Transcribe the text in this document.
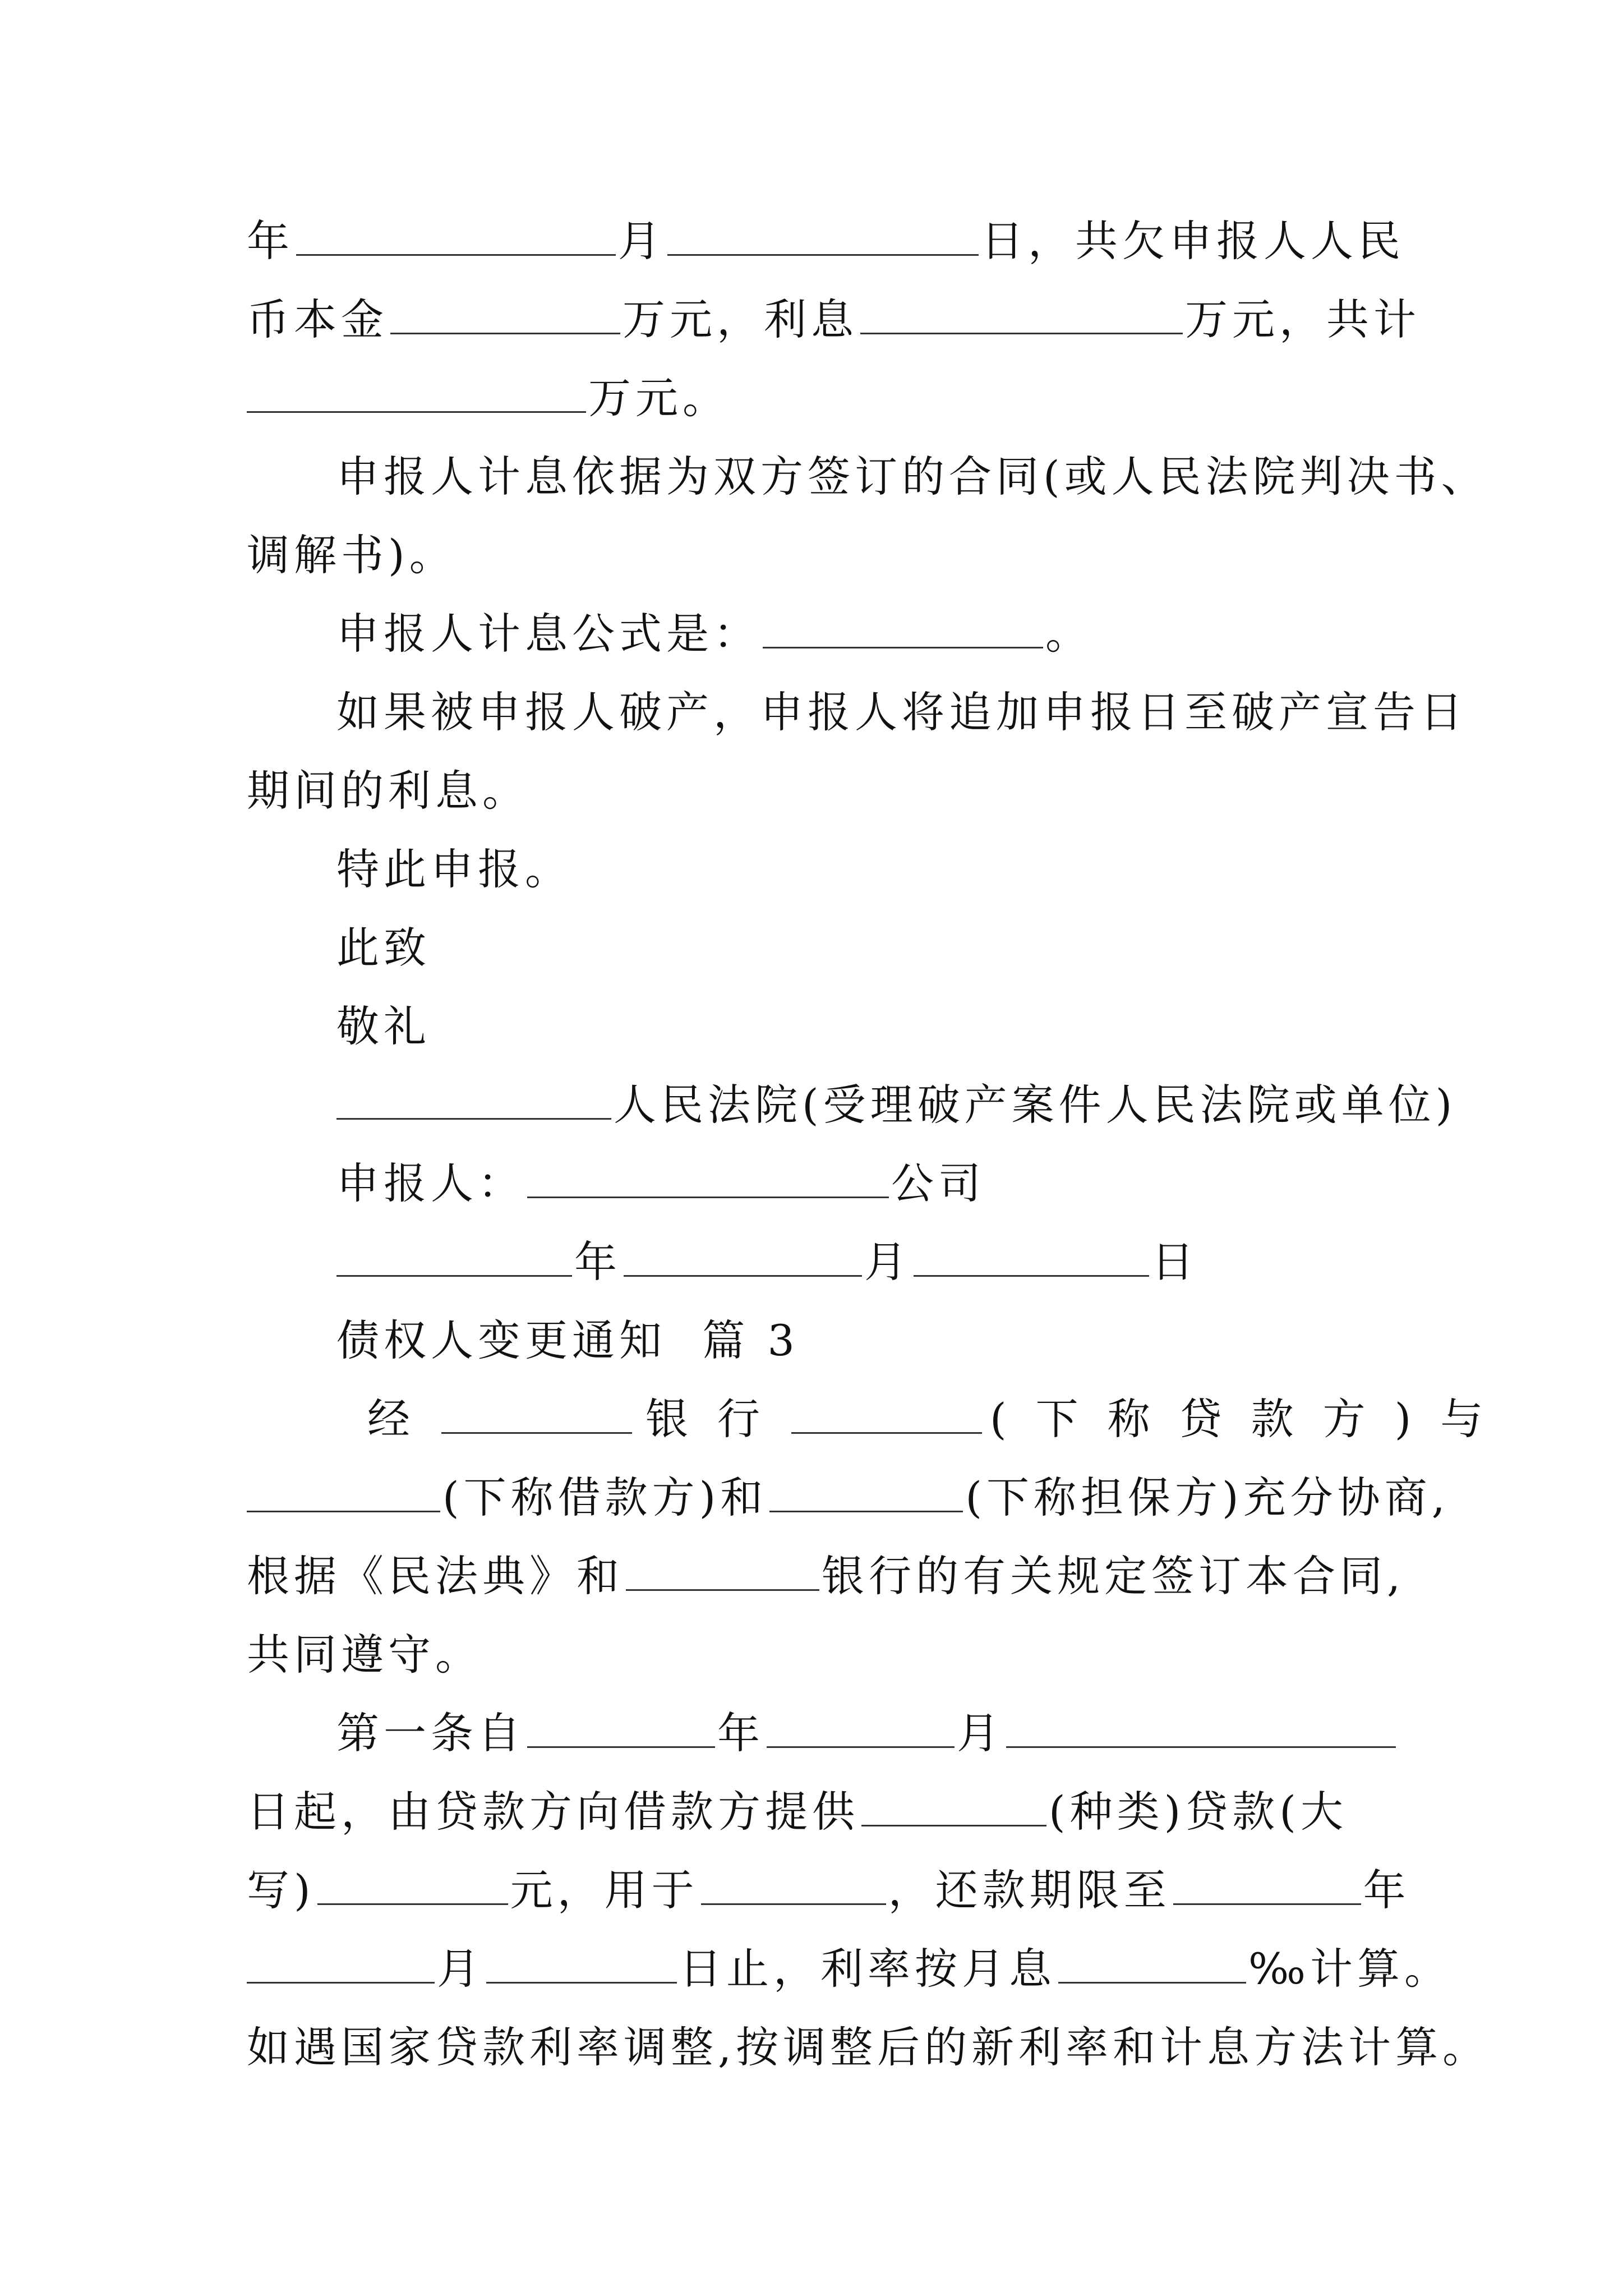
年	月	日，共欠申报人人民
币本金	万元，利息	万元，共计
万元。
申报人计息依据为双方签订的合同(或人民法院判决书、
调解书)。
申报人计息公式是：	。
如果被申报人破产，申报人将追加申报日至破产宣告日
期间的利息。
特此申报。
此致
敬礼
人民法院(受理破产案件人民法院或单位)
申报人：	公司
年	月	日
债权人变更通知  篇 3
经	银行	(下称贷款方)与
(下称借款方)和	(下称担保方)充分协商,
根据《民法典》和	银行的有关规定签订本合同,
共同遵守。
第一条自	年	月
日起，由贷款方向借款方提供	(种类)贷款(大
写)	元，用于	，还款期限至	年
月	日止，利率按月息	‰计算。
如遇国家贷款利率调整,按调整后的新利率和计息方法计算。
